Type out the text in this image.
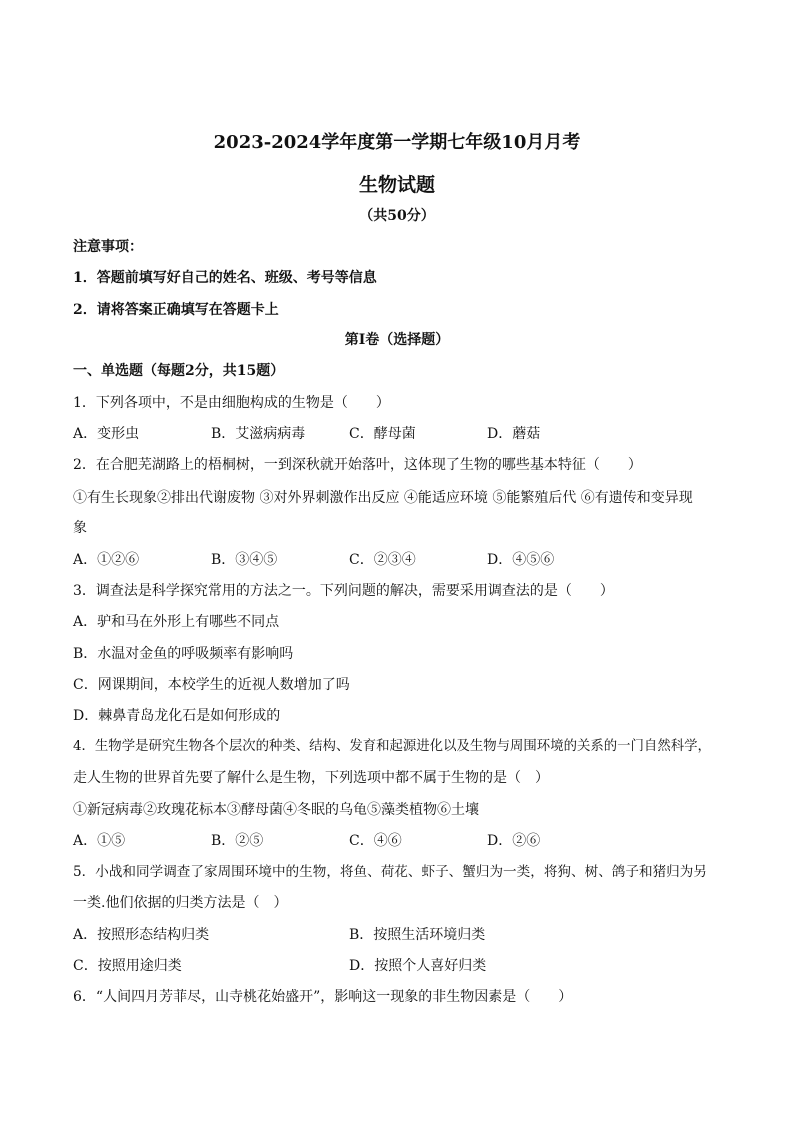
2023-2024学年度第一学期七年级10月月考
生物试题
（共50分）
注意事项：
1．答题前填写好自己的姓名、班级、考号等信息
2．请将答案正确填写在答题卡上
第I卷（选择题）
一、单选题（每题2分，共15题）
1．下列各项中，不是由细胞构成的生物是（　　）
A．变形虫	B．艾滋病病毒	C．酵母菌	D．蘑菇
2．在合肥芜湖路上的梧桐树，一到深秋就开始落叶，这体现了生物的哪些基本特征（　　）
①有生长现象②排出代谢废物 ③对外界刺激作出反应 ④能适应环境 ⑤能繁殖后代 ⑥有遗传和变异现
象
A．①②⑥	B．③④⑤	C．②③④	D．④⑤⑥
3．调查法是科学探究常用的方法之一。下列问题的解决，需要采用调查法的是（　　）
A．驴和马在外形上有哪些不同点
B．水温对金鱼的呼吸频率有影响吗
C．网课期间，本校学生的近视人数增加了吗
D．棘鼻青岛龙化石是如何形成的
4．生物学是研究生物各个层次的种类、结构、发育和起源进化以及生物与周围环境的关系的一门自然科学，
走人生物的世界首先要了解什么是生物，下列选项中都不属于生物的是（　）
①新冠病毒②玫瑰花标本③酵母菌④冬眠的乌龟⑤藻类植物⑥土壤
A．①⑤	B．②⑤	C．④⑥	D．②⑥
5．小战和同学调查了家周围环境中的生物，将鱼、荷花、虾子、蟹归为一类，将狗、树、鸽子和猪归为另
一类.他们依据的归类方法是（　）
A．按照形态结构归类	B．按照生活环境归类
C．按照用途归类	D．按照个人喜好归类
6．“人间四月芳菲尽，山寺桃花始盛开”，影响这一现象的非生物因素是（　　）
